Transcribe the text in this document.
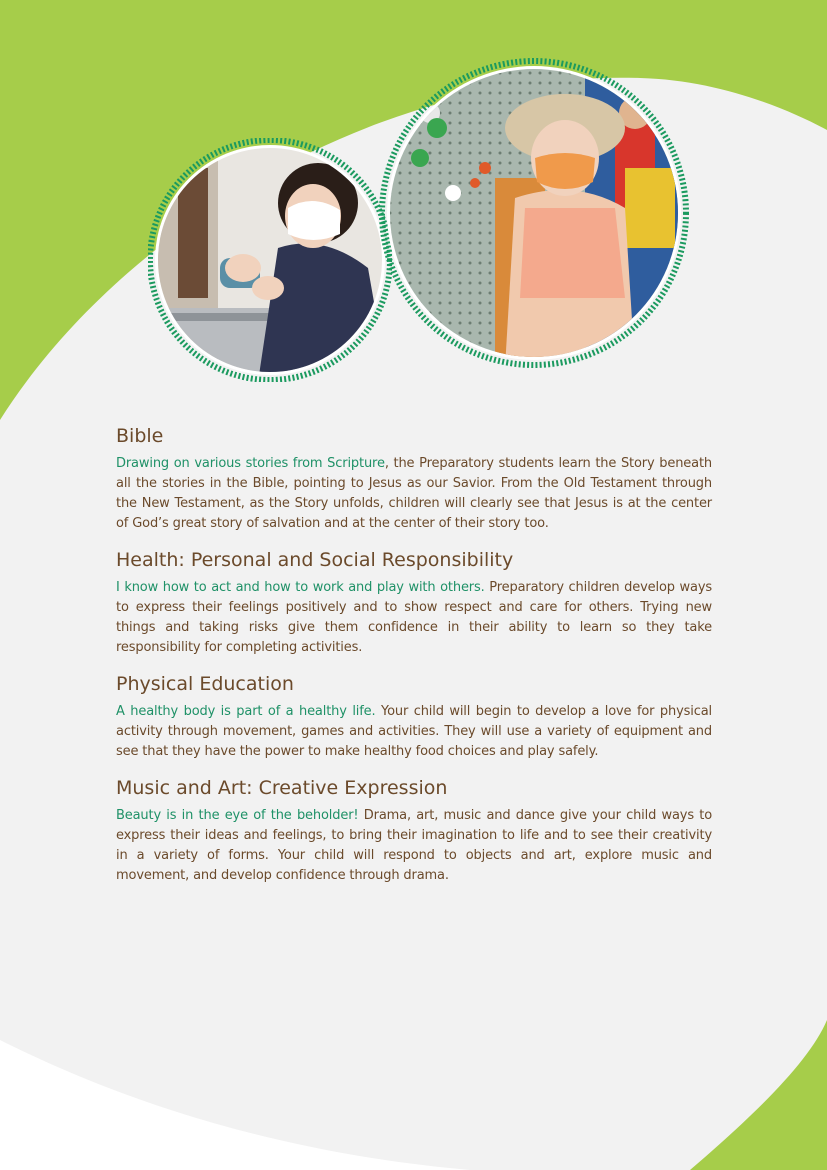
Bible

Drawing on various stories from Scripture, the Preparatory students learn the Story beneath all the stories in the Bible, pointing to Jesus as our Savior. From the Old Testament through the New Testament, as the Story unfolds, children will clearly see that Jesus is at the center of God’s great story of salvation and at the center of their story too.

Health: Personal and Social Responsibility

I know how to act and how to work and play with others. Preparatory children develop ways to express their feelings positively and to show respect and care for others. Trying new things and taking risks give them confidence in their ability to learn so they take responsibility for completing activities.

Physical Education

A healthy body is part of a healthy life. Your child will begin to develop a love for physical activity through movement, games and activities. They will use a variety of equipment and see that they have the power to make healthy food choices and play safely.

Music and Art: Creative Expression

Beauty is in the eye of the beholder! Drama, art, music and dance give your child ways to express their ideas and feelings, to bring their imagination to life and to see their creativity in a variety of forms. Your child will respond to objects and art, explore music and movement, and develop confidence through drama.
